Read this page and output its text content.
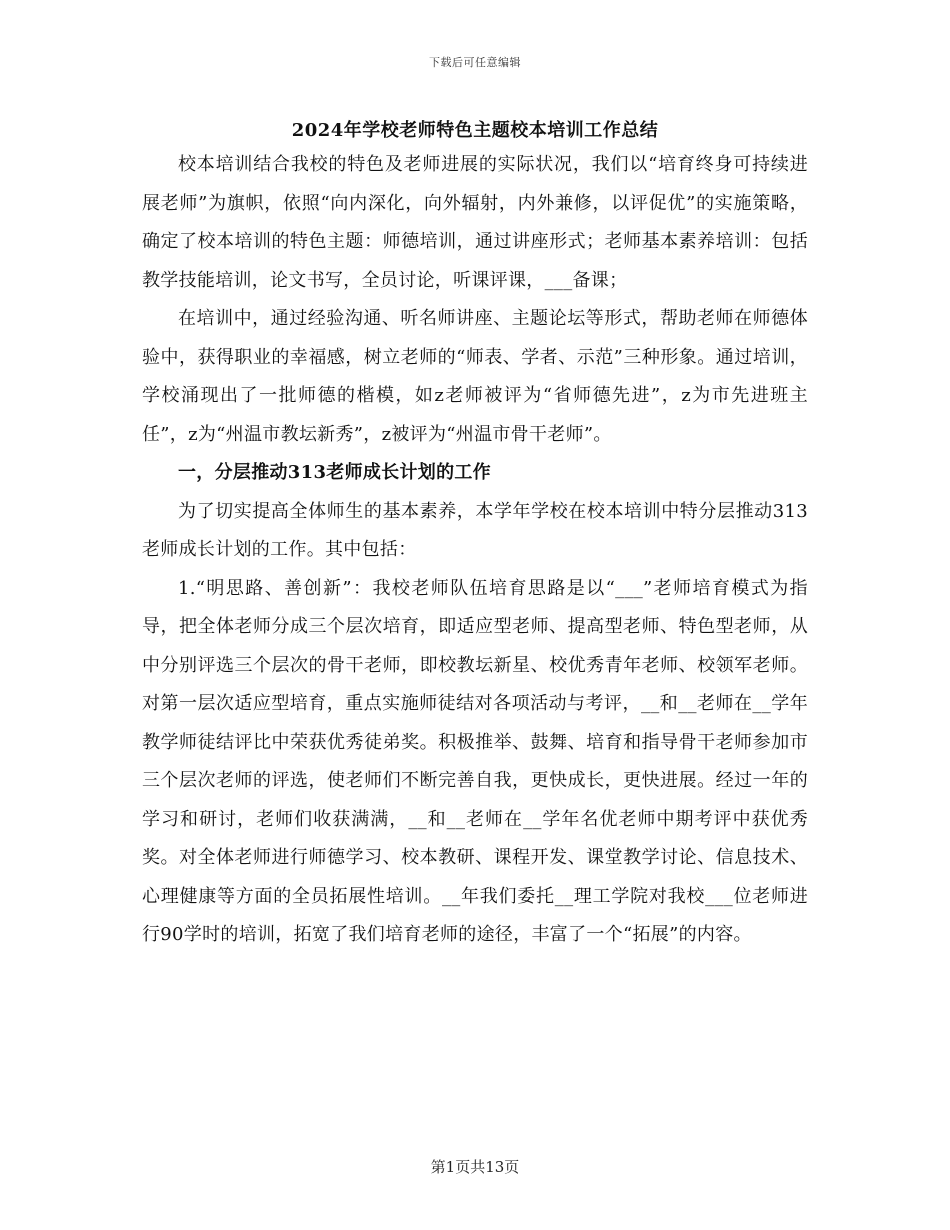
下载后可任意编辑
2024年学校老师特色主题校本培训工作总结

校本培训结合我校的特色及老师进展的实际状况，我们以“培育终身可持续进展老师”为旗帜，依照“向内深化，向外辐射，内外兼修，以评促优”的实施策略，确定了校本培训的特色主题：师德培训，通过讲座形式；老师基本素养培训：包括教学技能培训，论文书写，全员讨论，听课评课，___备课；

在培训中，通过经验沟通、听名师讲座、主题论坛等形式，帮助老师在师德体验中，获得职业的幸福感，树立老师的“师表、学者、示范”三种形象。通过培训，学校涌现出了一批师德的楷模，如z老师被评为“省师德先进”，z为市先进班主任”，z为“州温市教坛新秀”，z被评为“州温市骨干老师”。

一，分层推动313老师成长计划的工作

为了切实提高全体师生的基本素养，本学年学校在校本培训中特分层推动313老师成长计划的工作。其中包括：

1.“明思路、善创新”：我校老师队伍培育思路是以“___”老师培育模式为指导，把全体老师分成三个层次培育，即适应型老师、提高型老师、特色型老师，从中分别评选三个层次的骨干老师，即校教坛新星、校优秀青年老师、校领军老师。对第一层次适应型培育，重点实施师徒结对各项活动与考评，__和__老师在__学年教学师徒结评比中荣获优秀徒弟奖。积极推举、鼓舞、培育和指导骨干老师参加市三个层次老师的评选，使老师们不断完善自我，更快成长，更快进展。经过一年的学习和研讨，老师们收获满满，__和__老师在__学年名优老师中期考评中获优秀奖。对全体老师进行师德学习、校本教研、课程开发、课堂教学讨论、信息技术、心理健康等方面的全员拓展性培训。__年我们委托__理工学院对我校___位老师进行90学时的培训，拓宽了我们培育老师的途径，丰富了一个“拓展”的内容。

第1页共13页
